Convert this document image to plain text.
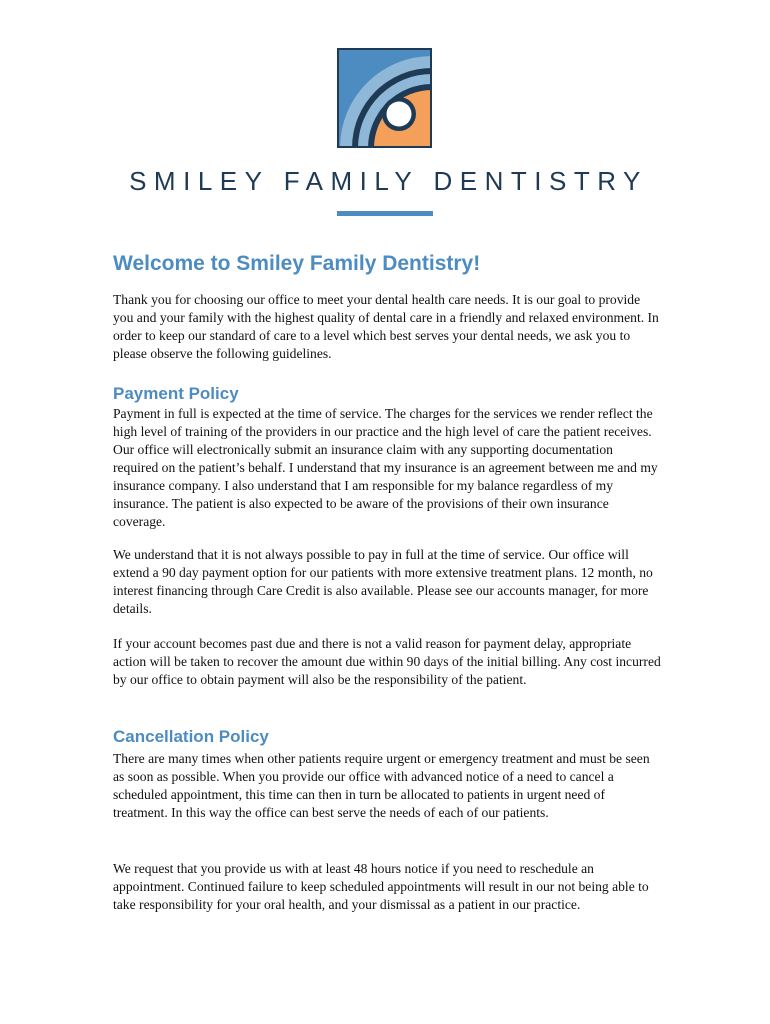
SMILEY FAMILY DENTISTRY
Welcome to Smiley Family Dentistry!

Thank you for choosing our office to meet your dental health care needs. It is our goal to provide you and your family with the highest quality of dental care in a friendly and relaxed environment. In order to keep our standard of care to a level which best serves your dental needs, we ask you to please observe the following guidelines.

Payment Policy

Payment in full is expected at the time of service. The charges for the services we render reflect the high level of training of the providers in our practice and the high level of care the patient receives. Our office will electronically submit an insurance claim with any supporting documentation required on the patient’s behalf. I understand that my insurance is an agreement between me and my insurance company. I also understand that I am responsible for my balance regardless of my insurance. The patient is also expected to be aware of the provisions of their own insurance coverage.

We understand that it is not always possible to pay in full at the time of service. Our office will extend a 90 day payment option for our patients with more extensive treatment plans. 12 month, no interest financing through Care Credit is also available. Please see our accounts manager, for more details.

If your account becomes past due and there is not a valid reason for payment delay, appropriate action will be taken to recover the amount due within 90 days of the initial billing. Any cost incurred by our office to obtain payment will also be the responsibility of the patient.

Cancellation Policy

There are many times when other patients require urgent or emergency treatment and must be seen as soon as possible. When you provide our office with advanced notice of a need to cancel a scheduled appointment, this time can then in turn be allocated to patients in urgent need of treatment. In this way the office can best serve the needs of each of our patients.

We request that you provide us with at least 48 hours notice if you need to reschedule an appointment. Continued failure to keep scheduled appointments will result in our not being able to take responsibility for your oral health, and your dismissal as a patient in our practice.
